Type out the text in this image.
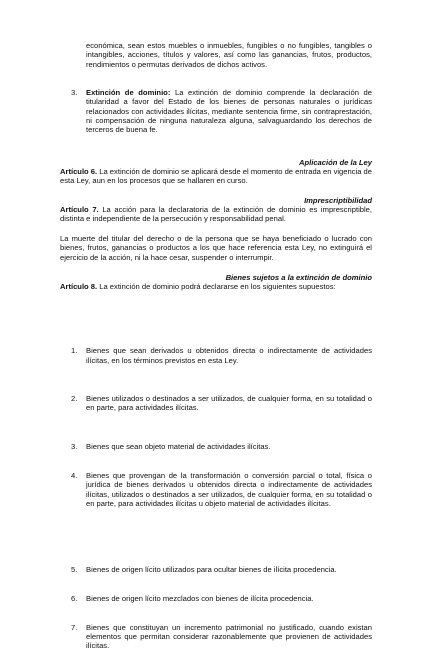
económica, sean estos muebles o inmuebles, fungibles o no fungibles, tangibles o intangibles, acciones, títulos y valores, así como las ganancias, frutos, productos, rendimientos o permutas derivados de dichos activos.
3.	Extinción de dominio: La extinción de dominio comprende la declaración de titularidad a favor del Estado de los bienes de personas naturales o jurídicas relacionados con actividades ilícitas, mediante sentencia firme, sin contraprestación, ni compensación de ninguna naturaleza alguna, salvaguardando los derechos de terceros de buena fe.
Aplicación de la Ley
Artículo 6. La extinción de dominio se aplicará desde el momento de entrada en vigencia de esta Ley, aun en los procesos que se hallaren en curso.
Imprescriptibilidad
Artículo 7. La acción para la declaratoria de la extinción de dominio es imprescriptible, distinta e independiente de la persecución y responsabilidad penal.
La muerte del titular del derecho o de la persona que se haya beneficiado o lucrado con bienes, frutos, ganancias o productos a los que hace referencia esta Ley, no extinguirá el ejercicio de la acción, ni la hace cesar, suspender o interrumpir.
Bienes sujetos a la extinción de dominio
Artículo 8. La extinción de dominio podrá declararse en los siguientes supuestos:
1.	Bienes que sean derivados u obtenidos directa o indirectamente de actividades ilícitas, en los términos previstos en esta Ley.
2.	Bienes utilizados o destinados a ser utilizados, de cualquier forma, en su totalidad o en parte, para actividades ilícitas.
3.	Bienes que sean objeto material de actividades ilícitas.
4.	Bienes que provengan de la transformación o conversión parcial o total, física o jurídica de bienes derivados u obtenidos directa o indirectamente de actividades ilícitas, utilizados o destinados a ser utilizados, de cualquier forma, en su totalidad o en parte, para actividades ilícitas u objeto material de actividades ilícitas.
5.	Bienes de origen lícito utilizados para ocultar bienes de ilícita procedencia.
6.	Bienes de origen lícito mezclados con bienes de ilícita procedencia.
7.	Bienes que constituyan un incremento patrimonial no justificado, cuando existan elementos que permitan considerar razonablemente que provienen de actividades ilícitas.
